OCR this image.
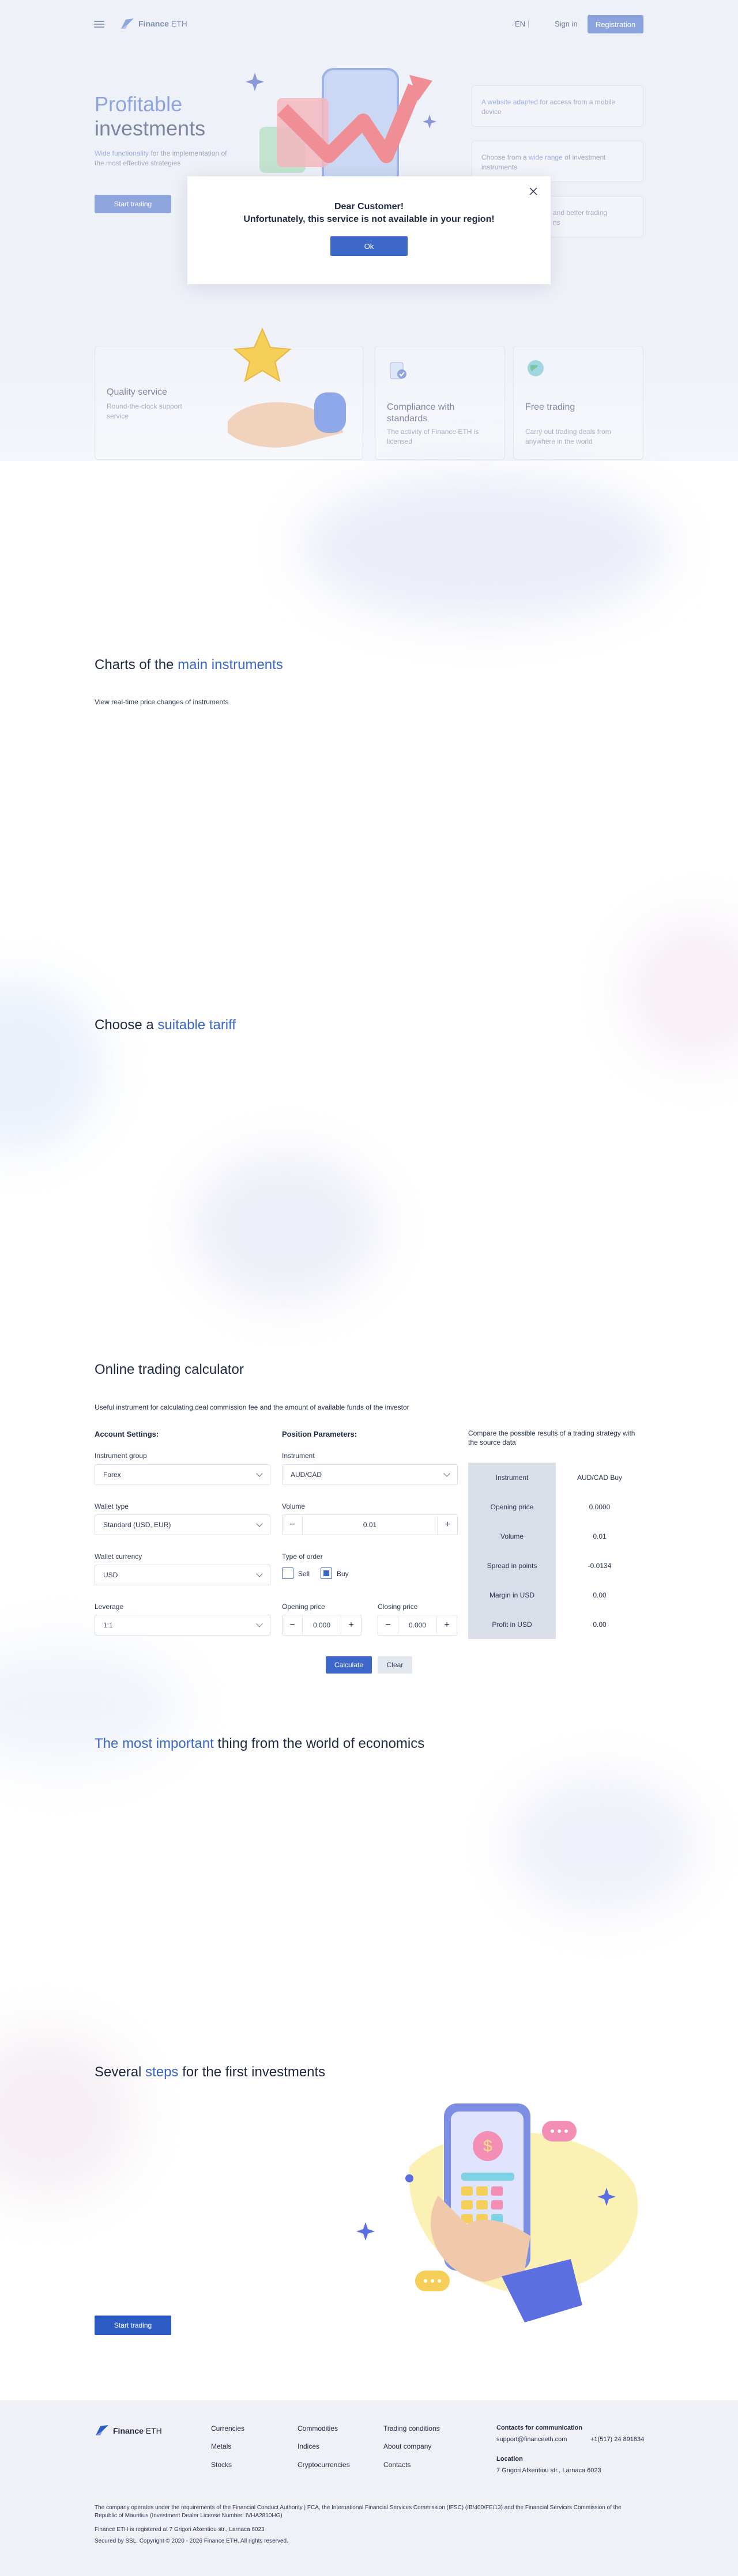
Finance ETH	EN |	Sign in	Registration
Profitable
investments
Wide functionality for the implementation of the most effective strategies
Start trading
A website adapted for access from a mobile device
Choose from a wide range of investment instruments
and better trading
ns
Dear Customer!
Unfortunately, this service is not available in your region!
Ok
Quality service
Round-the-clock support service
Compliance with standards
The activity of Finance ETH is licensed
Free trading
Carry out trading deals from anywhere in the world
Charts of the main instruments
View real-time price changes of instruments
Choose a suitable tariff
Online trading calculator
Useful instrument for calculating deal commission fee and the amount of available funds of the investor
Account Settings:	Position Parameters:	Compare the possible results of a trading strategy with the source data
Instrument group
Forex
Wallet type
Standard (USD, EUR)
Wallet currency
USD
Leverage
1:1
Instrument
AUD/CAD
Volume
−	0.01	+
Type of order
Sell	Buy
Opening price
−	0.000	+
Closing price
−	0.000	+
Instrument	AUD/CAD Buy
Opening price	0.0000
Volume	0.01
Spread in points	-0.0134
Margin in USD	0.00
Profit in USD	0.00
Calculate	Clear
The most important thing from the world of economics
Several steps for the first investments
$
Start trading
Finance ETH	Currencies
Metals
Stocks
Commodities
Indices
Cryptocurrencies
Trading conditions
About company
Contacts
Contacts for communication
support@financeeth.com	+1(517) 24 891834
Location
7 Grigori Afxentiou str., Larnaca 6023
The company operates under the requirements of the Financial Conduct Authority | FCA, the International Financial Services Commission (IFSC) (IB/400/FE/13) and the Financial Services Commission of the Republic of Mauritius (Investment Dealer License Number: IVHA2810HG)
Finance ETH is registered at 7 Grigori Afxentiou str., Larnaca 6023
Secured by SSL. Copyright © 2020 - 2026 Finance ETH. All rights reserved.
